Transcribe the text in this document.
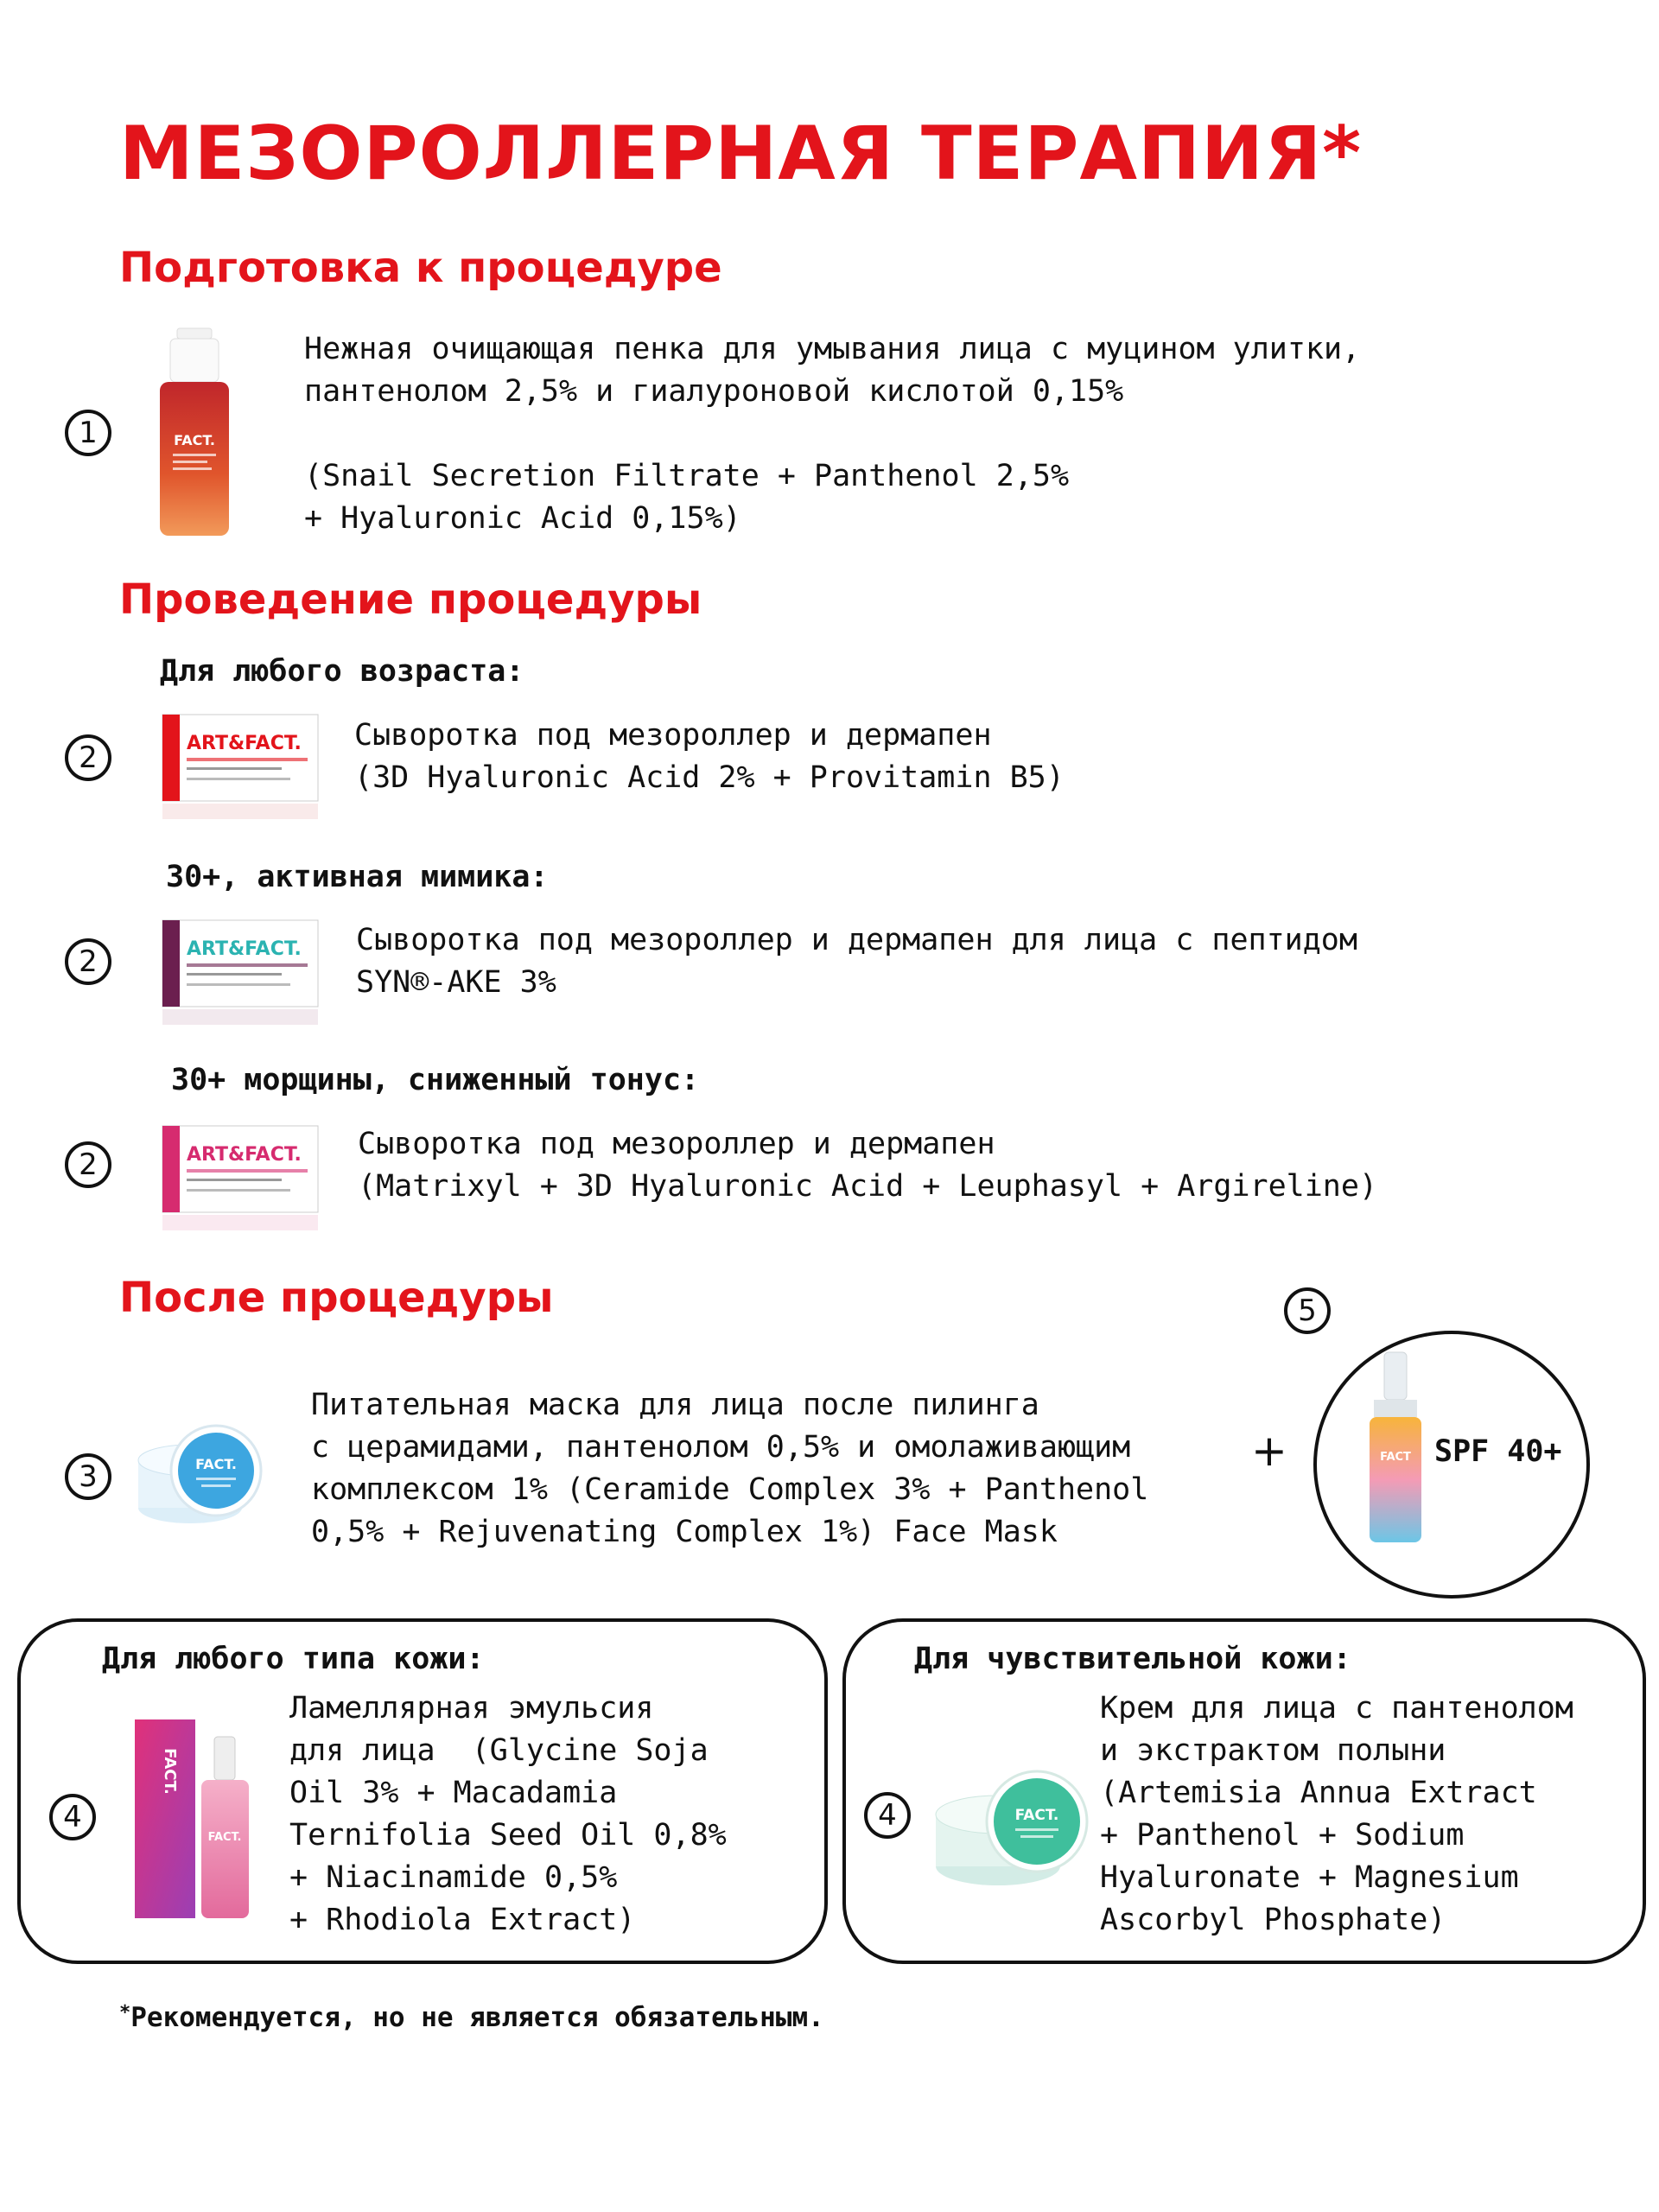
МЕЗОРОЛЛЕРНАЯ ТЕРАПИЯ*
Подготовка к процедуре
1	FACT.
Нежная очищающая пенка для умывания лица с муцином улитки,
пантенолом 2,5% и гиалуроновой кислотой 0,15%

(Snail Secretion Filtrate + Panthenol 2,5%
+ Hyaluronic Acid 0,15%)
Проведение процедуры
Для любого возраста:
2	ART&FACT. Сыворотка под мезороллер и дермапен
(3D Hyaluronic Acid 2% + Provitamin B5)
30+, активная мимика:
2	ART&FACT. Сыворотка под мезороллер и дермапен для лица с пептидом
SYN®-AKE 3%
30+ морщины, сниженный тонус:
2	ART&FACT. Сыворотка под мезороллер и дермапен
(Matrixyl + 3D Hyaluronic Acid + Leuphasyl + Argireline)
После процедуры
3	FACT.
Питательная маска для лица после пилинга
с церамидами, пантенолом 0,5% и омолаживающим
комплексом 1% (Ceramide Complex 3% + Panthenol
0,5% + Rejuvenating Complex 1%) Face Mask
+
5
FACT SPF 40+
Для любого типа кожи:
4
FACT.
FACT.
Ламеллярная эмульсия
для лица  (Glycine Soja
Oil 3% + Macadamia
Ternifolia Seed Oil 0,8%
+ Niacinamide 0,5%
+ Rhodiola Extract)
Для чувствительной кожи:
4	FACT.
Крем для лица с пантенолом
и экстрактом полыни
(Artemisia Annua Extract
+ Panthenol + Sodium
Hyaluronate + Magnesium
Ascorbyl Phosphate)
*Рекомендуется, но не является обязательным.
